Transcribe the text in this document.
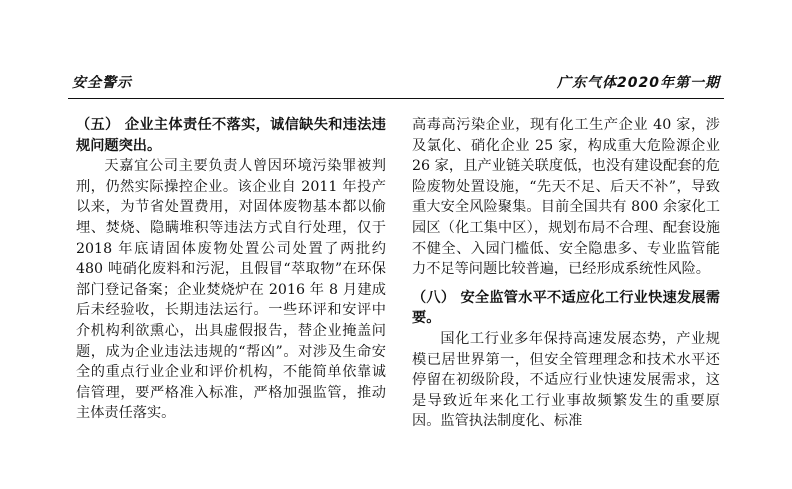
安全警示	广东气体2020年第一期

（五） 企业主体责任不落实，诚信缺失和违法违规问题突出。

天嘉宜公司主要负责人曾因环境污染罪被判刑，仍然实际操控企业。该企业自 2011 年投产以来，为节省处置费用，对固体废物基本都以偷埋、焚烧、隐瞒堆积等违法方式自行处理，仅于 2018 年底请固体废物处置公司处置了两批约 480 吨硝化废料和污泥，且假冒“萃取物”在环保部门登记备案；企业焚烧炉在 2016 年 8 月建成后未经验收，长期违法运行。一些环评和安评中介机构利欲熏心，出具虚假报告，替企业掩盖问题，成为企业违法违规的“帮凶”。对涉及生命安全的重点行业企业和评价机构，不能简单依靠诚信管理，要严格准入标准，严格加强监管，推动主体责任落实。

高毒高污染企业，现有化工生产企业 40 家，涉及氯化、硝化企业 25 家，构成重大危险源企业 26 家，且产业链关联度低，也没有建设配套的危险废物处置设施，“先天不足、后天不补”，导致重大安全风险聚集。目前全国共有 800 余家化工园区（化工集中区），规划布局不合理、配套设施不健全、入园门槛低、安全隐患多、专业监管能力不足等问题比较普遍，已经形成系统性风险。

（八） 安全监管水平不适应化工行业快速发展需要。

国化工行业多年保持高速发展态势，产业规模已居世界第一，但安全管理理念和技术水平还停留在初级阶段，不适应行业快速发展需求，这是导致近年来化工行业事故频繁发生的重要原因。监管执法制度化、标准
